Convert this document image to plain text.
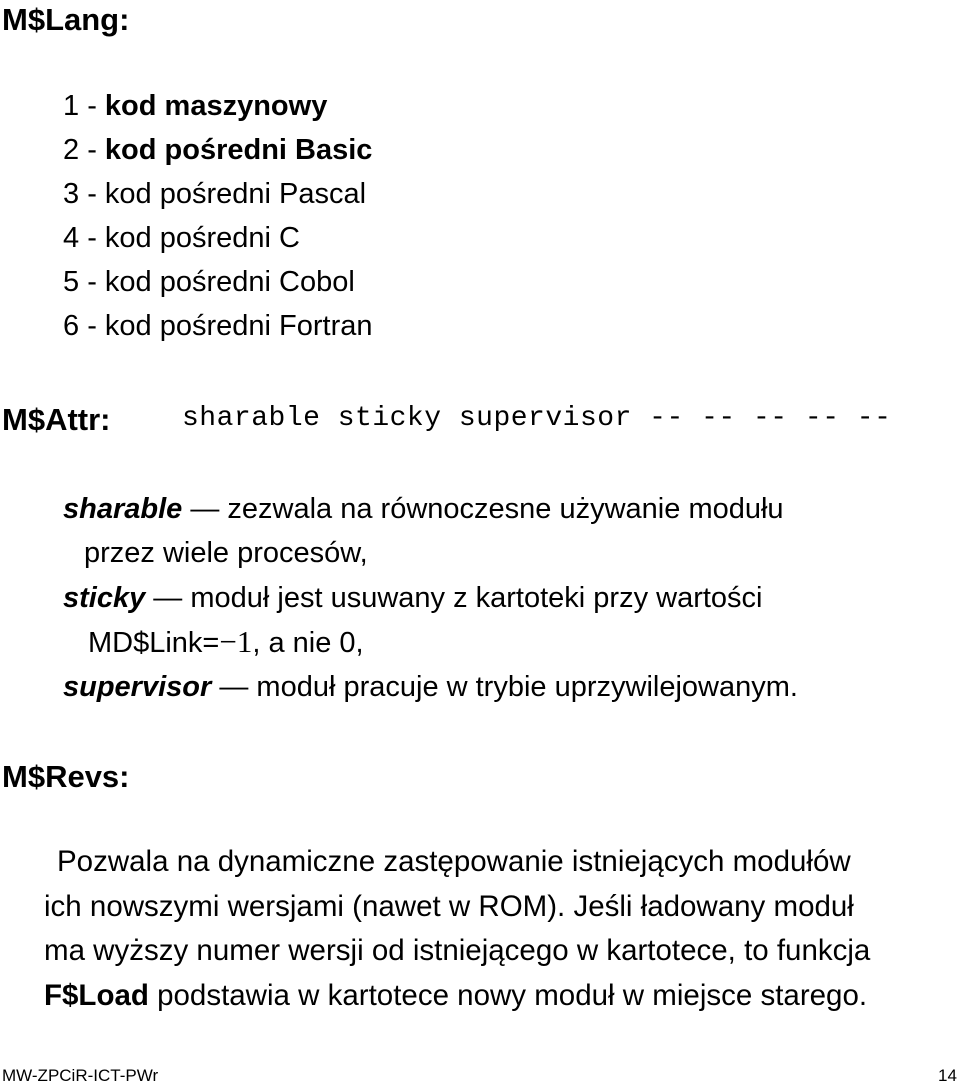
M$Lang:
1 - kod maszynowy
2 - kod pośredni Basic
3 - kod pośredni Pascal
4 - kod pośredni C
5 - kod pośredni Cobol
6 - kod pośredni Fortran
M$Attr:	sharable sticky supervisor -- -- -- -- --
sharable — zezwala na równoczesne używanie modułu
przez wiele procesów,
sticky — moduł jest usuwany z kartoteki przy wartości
MD$Link=−1, a nie 0,
supervisor — moduł pracuje w trybie uprzywilejowanym.
M$Revs:
Pozwala na dynamiczne zastępowanie istniejących modułów
ich nowszymi wersjami (nawet w ROM). Jeśli ładowany moduł
ma wyższy numer wersji od istniejącego w kartotece, to funkcja
F$Load podstawia w kartotece nowy moduł w miejsce starego.
MW-ZPCiR-ICT-PWr	14
